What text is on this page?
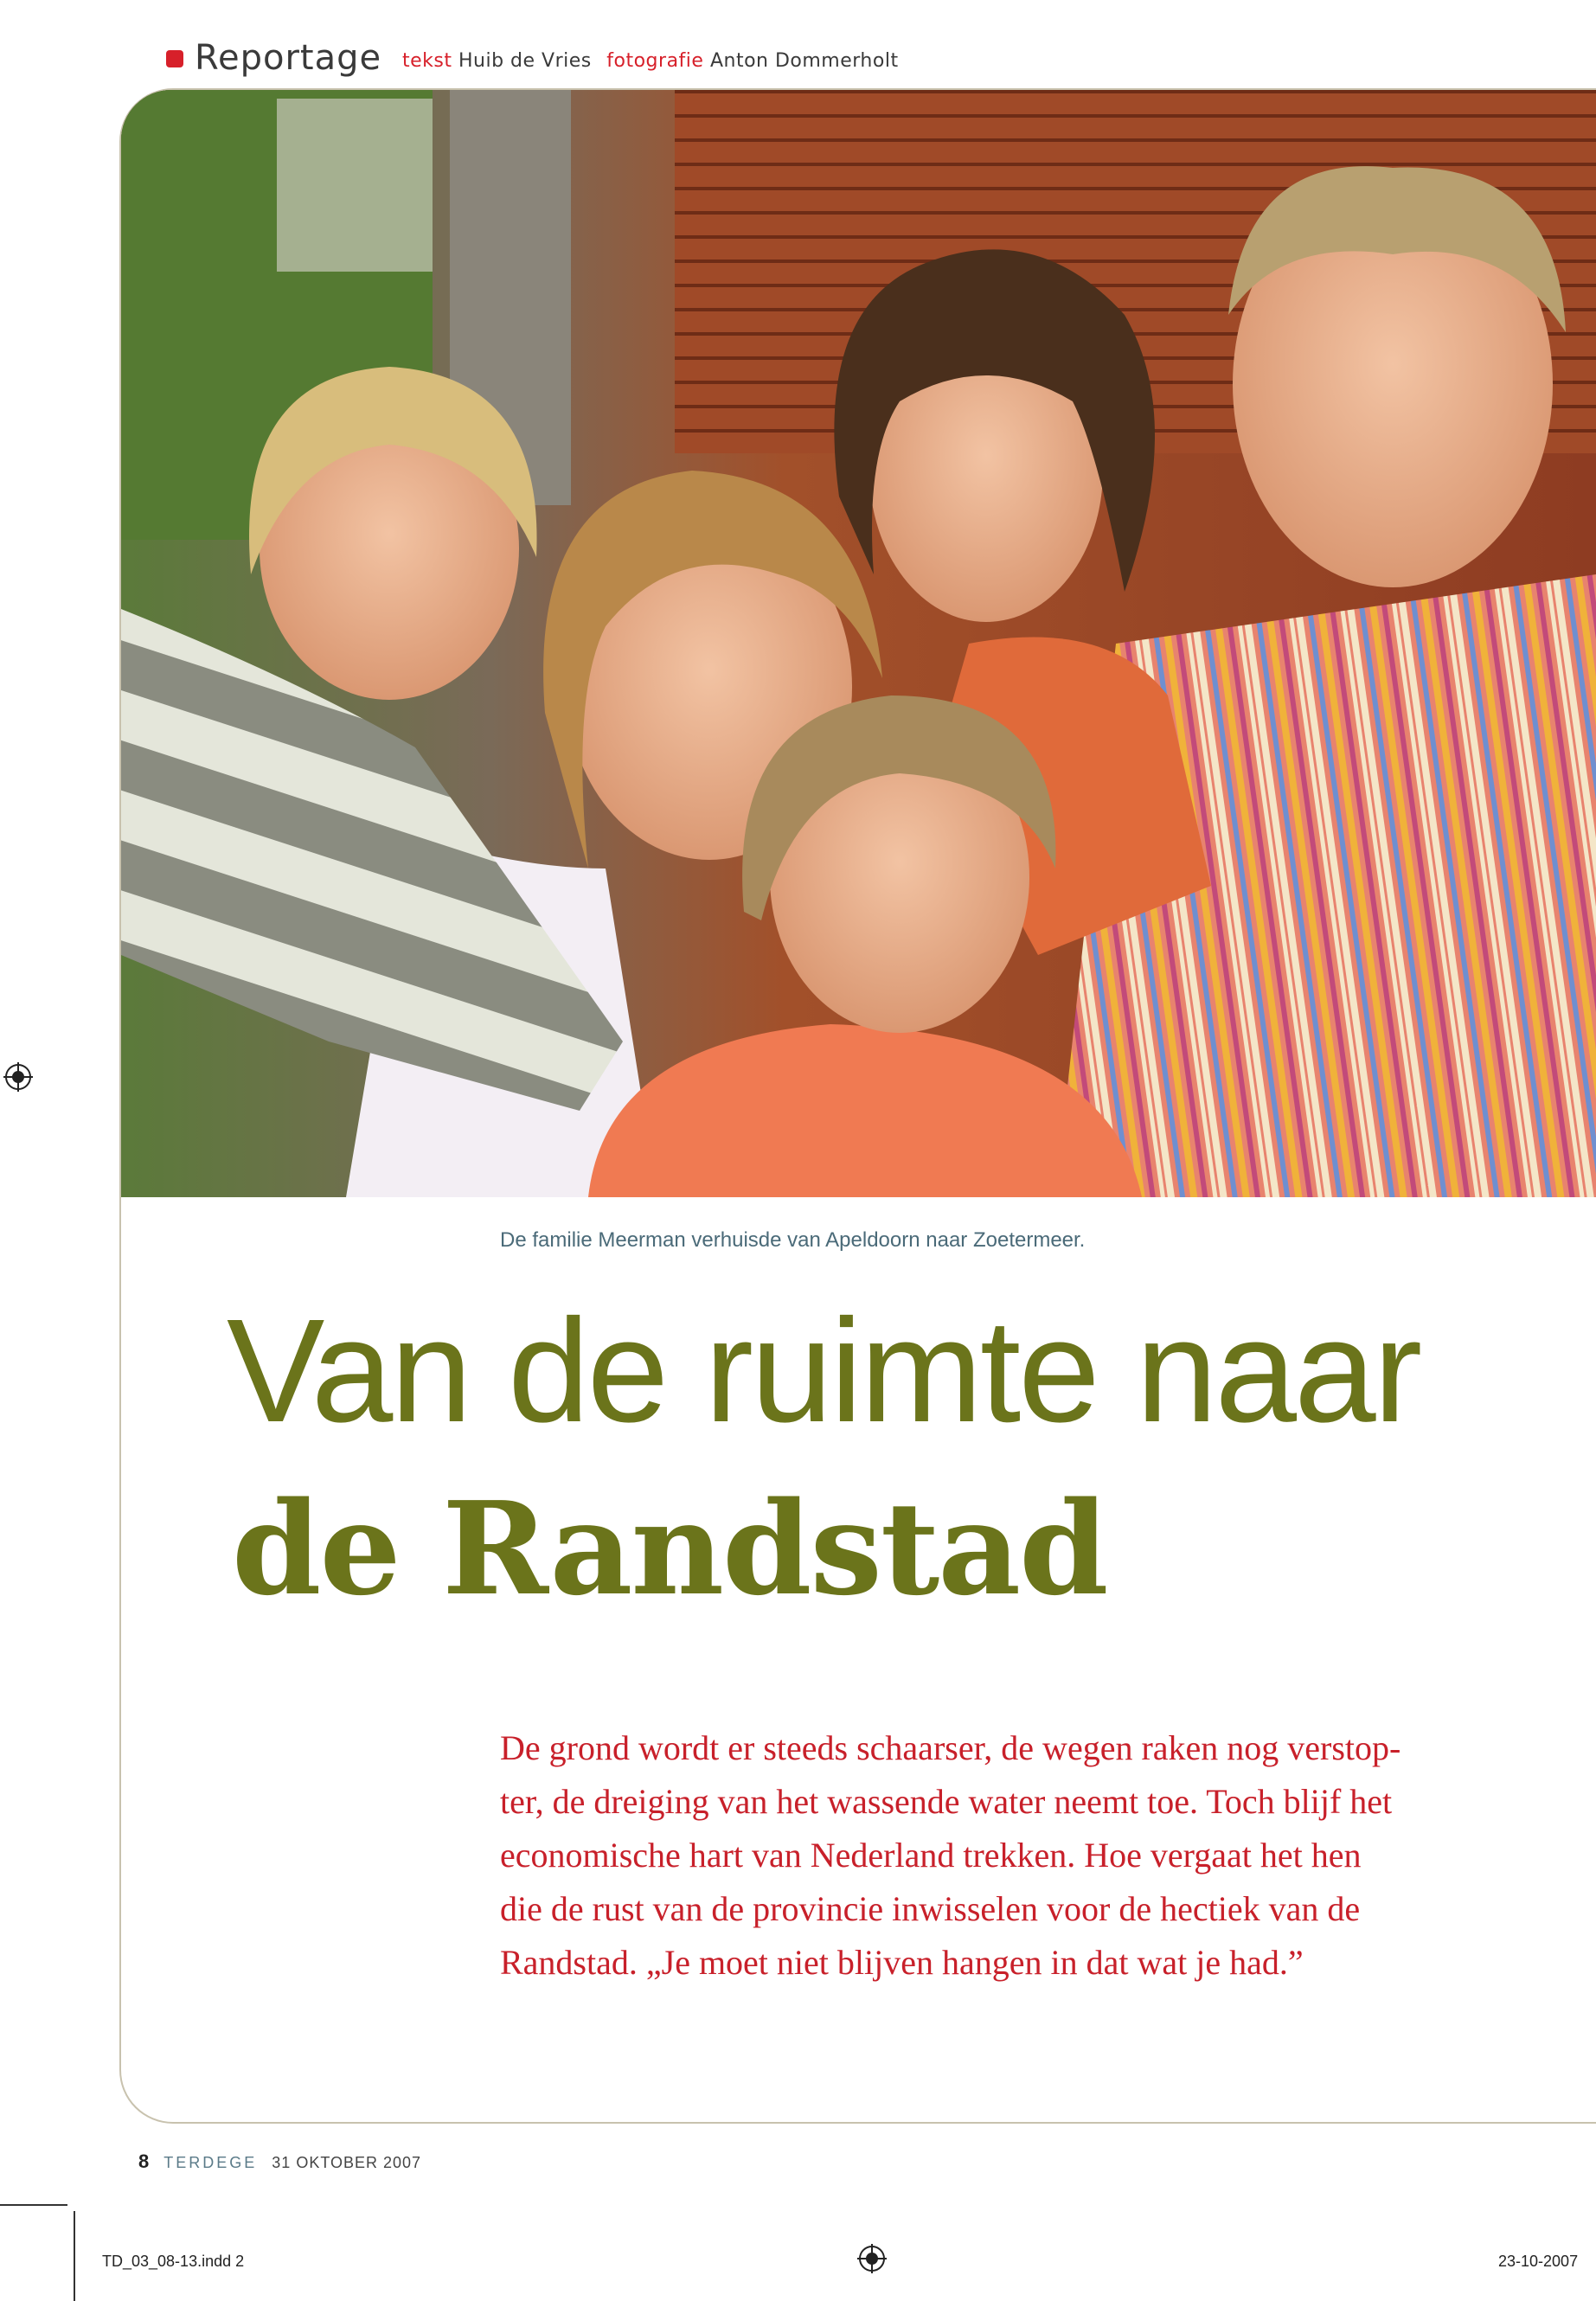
Reportage tekst Huib de Vries fotografie Anton Dommerholt
De familie Meerman verhuisde van Apeldoorn naar Zoetermeer.
Van de ruimte naar
de Randstad
De grond wordt er steeds schaarser, de wegen raken nog verstop-
ter, de dreiging van het wassende water neemt toe. Toch blijf het
economische hart van Nederland trekken. Hoe vergaat het hen
die de rust van de provincie inwisselen voor de hectiek van de
Randstad. „Je moet niet blijven hangen in dat wat je had.”
8 TERDEGE 31 OKTOBER 2007
TD_03_08-13.indd 2	23-10-2007
